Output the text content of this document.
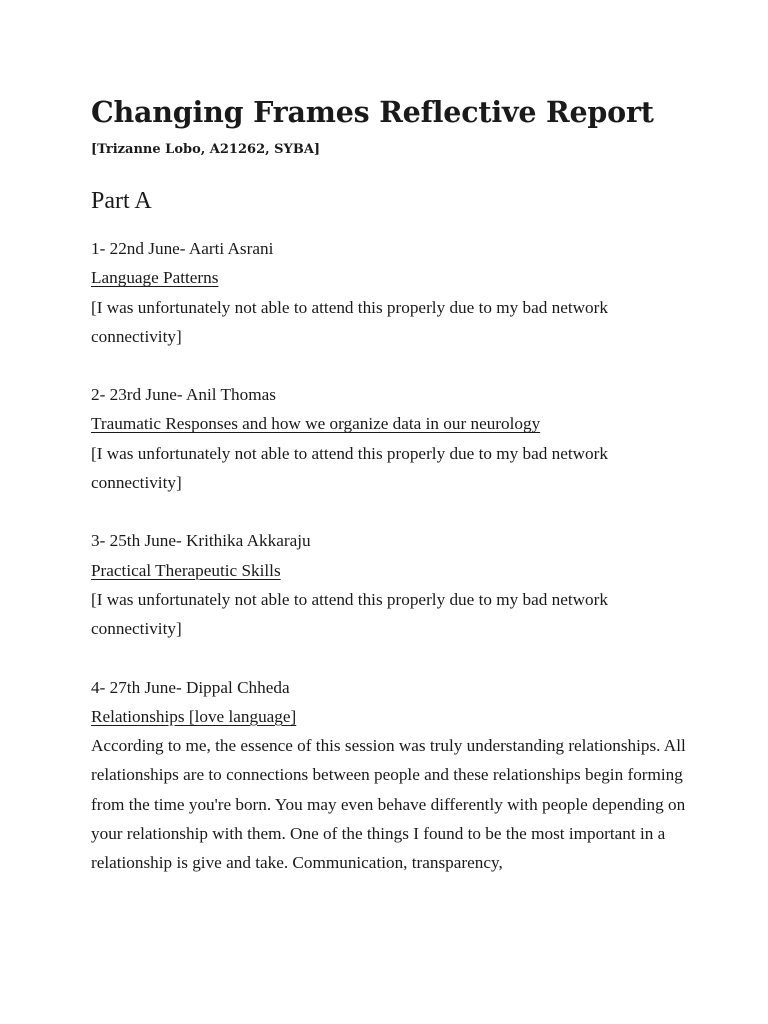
Changing Frames Reflective Report
[Trizanne Lobo, A21262, SYBA]
Part A

1- 22nd June- Aarti Asrani

Language Patterns

[I was unfortunately not able to attend this properly due to my bad network connectivity]

2- 23rd June- Anil Thomas

Traumatic Responses and how we organize data in our neurology

[I was unfortunately not able to attend this properly due to my bad network connectivity]

3- 25th June- Krithika Akkaraju

Practical Therapeutic Skills

[I was unfortunately not able to attend this properly due to my bad network connectivity]

4- 27th June- Dippal Chheda

Relationships [love language]

According to me, the essence of this session was truly understanding relationships. All relationships are to connections between people and these relationships begin forming from the time you're born. You may even behave differently with people depending on your relationship with them. One of the things I found to be the most important in a relationship is give and take. Communication, transparency,
